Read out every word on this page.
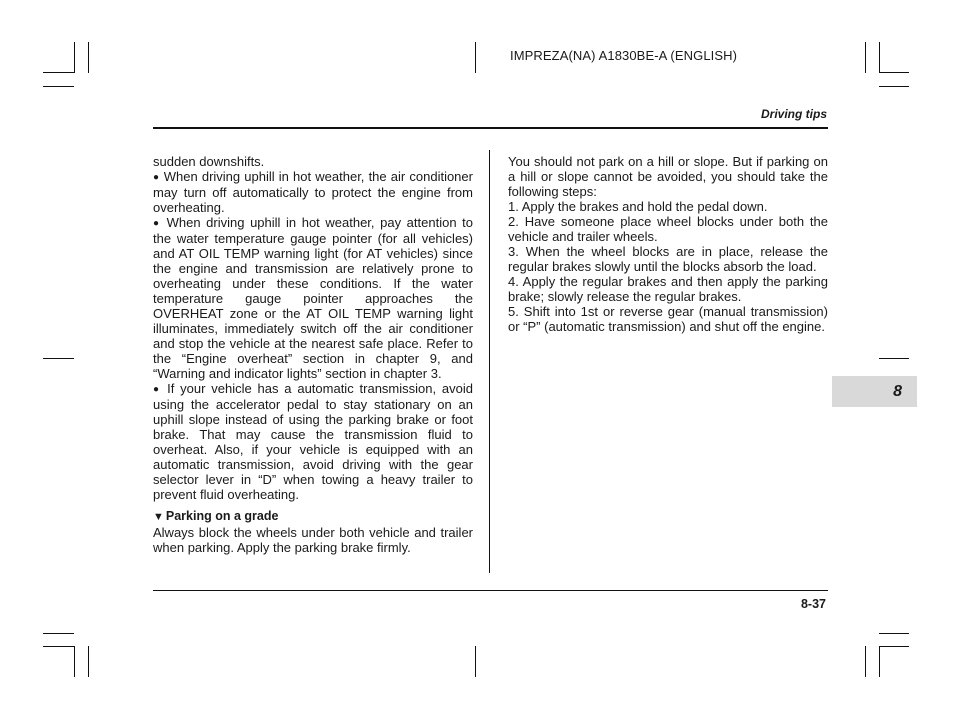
IMPREZA(NA) A1830BE-A (ENGLISH)
Driving tips

sudden downshifts.

● When driving uphill in hot weather, the air conditioner may turn off automatically to protect the engine from overheating.

● When driving uphill in hot weather, pay attention to the water temperature gauge pointer (for all vehicles) and AT OIL TEMP warning light (for AT vehicles) since the engine and transmission are relatively prone to overheating under these conditions. If the water temperature gauge pointer approaches the OVERHEAT zone or the AT OIL TEMP warning light illuminates, immediately switch off the air conditioner and stop the vehicle at the nearest safe place. Refer to the “Engine overheat” section in chapter 9, and “Warning and indicator lights” section in chapter 3.

● If your vehicle has a automatic transmission, avoid using the accelerator pedal to stay stationary on an uphill slope instead of using the parking brake or foot brake. That may cause the transmission fluid to overheat. Also, if your vehicle is equipped with an automatic transmission, avoid driving with the gear selector lever in “D” when towing a heavy trailer to prevent fluid overheating.

▼ Parking on a grade

Always block the wheels under both vehicle and trailer when parking. Apply the parking brake firmly.

You should not park on a hill or slope. But if parking on a hill or slope cannot be avoided, you should take the following steps:

1. Apply the brakes and hold the pedal down.

2. Have someone place wheel blocks under both the vehicle and trailer wheels.

3. When the wheel blocks are in place, release the regular brakes slowly until the blocks absorb the load.

4. Apply the regular brakes and then apply the parking brake; slowly release the regular brakes.

5. Shift into 1st or reverse gear (manual transmission) or “P” (automatic transmission) and shut off the engine.

8
8-37
